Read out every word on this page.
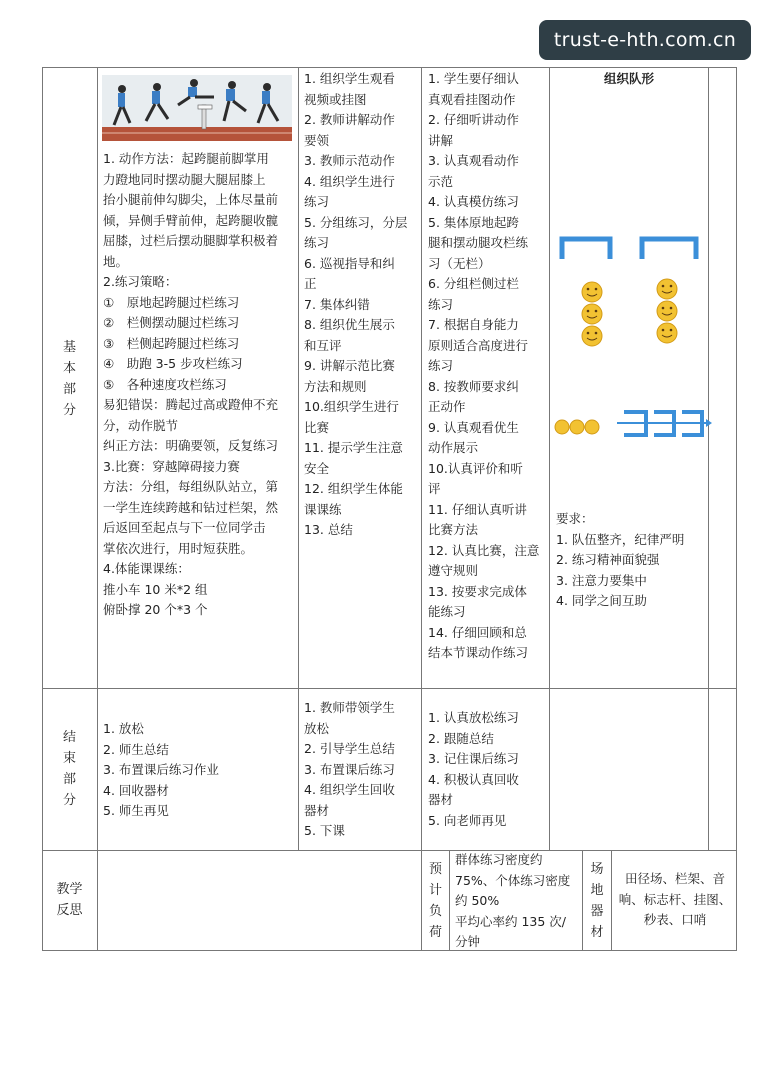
trust-e-hth.com.cn
基
本
部
分
1. 动作方法：起跨腿前脚掌用
力蹬地同时摆动腿大腿屈膝上
抬小腿前伸勾脚尖，上体尽量前
倾，异侧手臂前伸，起跨腿收髋
屈膝，过栏后摆动腿脚掌积极着
地。
2.练习策略：
①　原地起跨腿过栏练习
②　栏侧摆动腿过栏练习
③　栏侧起跨腿过栏练习
④　助跑 3-5 步攻栏练习
⑤　各种速度攻栏练习
易犯错误：腾起过高或蹬伸不充
分，动作脱节
纠正方法：明确要领，反复练习
3.比赛：穿越障碍接力赛
方法：分组，每组纵队站立，第
一学生连续跨越和钻过栏架，然
后返回至起点与下一位同学击
掌依次进行，用时短获胜。
4.体能课课练：
推小车 10 米*2 组
俯卧撑 20 个*3 个
1. 组织学生观看
视频或挂图
2. 教师讲解动作
要领
3. 教师示范动作
4. 组织学生进行
练习
5. 分组练习，分层
练习
6. 巡视指导和纠
正
7. 集体纠错
8. 组织优生展示
和互评
9. 讲解示范比赛
方法和规则
10.组织学生进行
比赛
11. 提示学生注意
安全
12. 组织学生体能
课课练
13. 总结
1. 学生要仔细认
真观看挂图动作
2. 仔细听讲动作
讲解
3. 认真观看动作
示范
4. 认真模仿练习
5. 集体原地起跨
腿和摆动腿攻栏练
习（无栏）
6. 分组栏侧过栏
练习
7. 根据自身能力
原则适合高度进行
练习
8. 按教师要求纠
正动作
9. 认真观看优生
动作展示
10.认真评价和听
评
11. 仔细认真听讲
比赛方法
12. 认真比赛，注意
遵守规则
13. 按要求完成体
能练习
14. 仔细回顾和总
结本节课动作练习
组织队形
要求：
1. 队伍整齐，纪律严明
2. 练习精神面貌强
3. 注意力要集中
4. 同学之间互助
结
束
部
分
1. 放松
2. 师生总结
3. 布置课后练习作业
4. 回收器材
5. 师生再见
1. 教师带领学生
放松
2. 引导学生总结
3. 布置课后练习
4. 组织学生回收
器材
5. 下课
1. 认真放松练习
2. 跟随总结
3. 记住课后练习
4. 积极认真回收
器材
5. 向老师再见
教学
反思
预
计
负
荷
群体练习密度约
75%、个体练习密度
约 50%
平均心率约 135 次/
分钟
场
地
器
材
田径场、栏架、音
响、标志杆、挂图、
秒表、口哨
